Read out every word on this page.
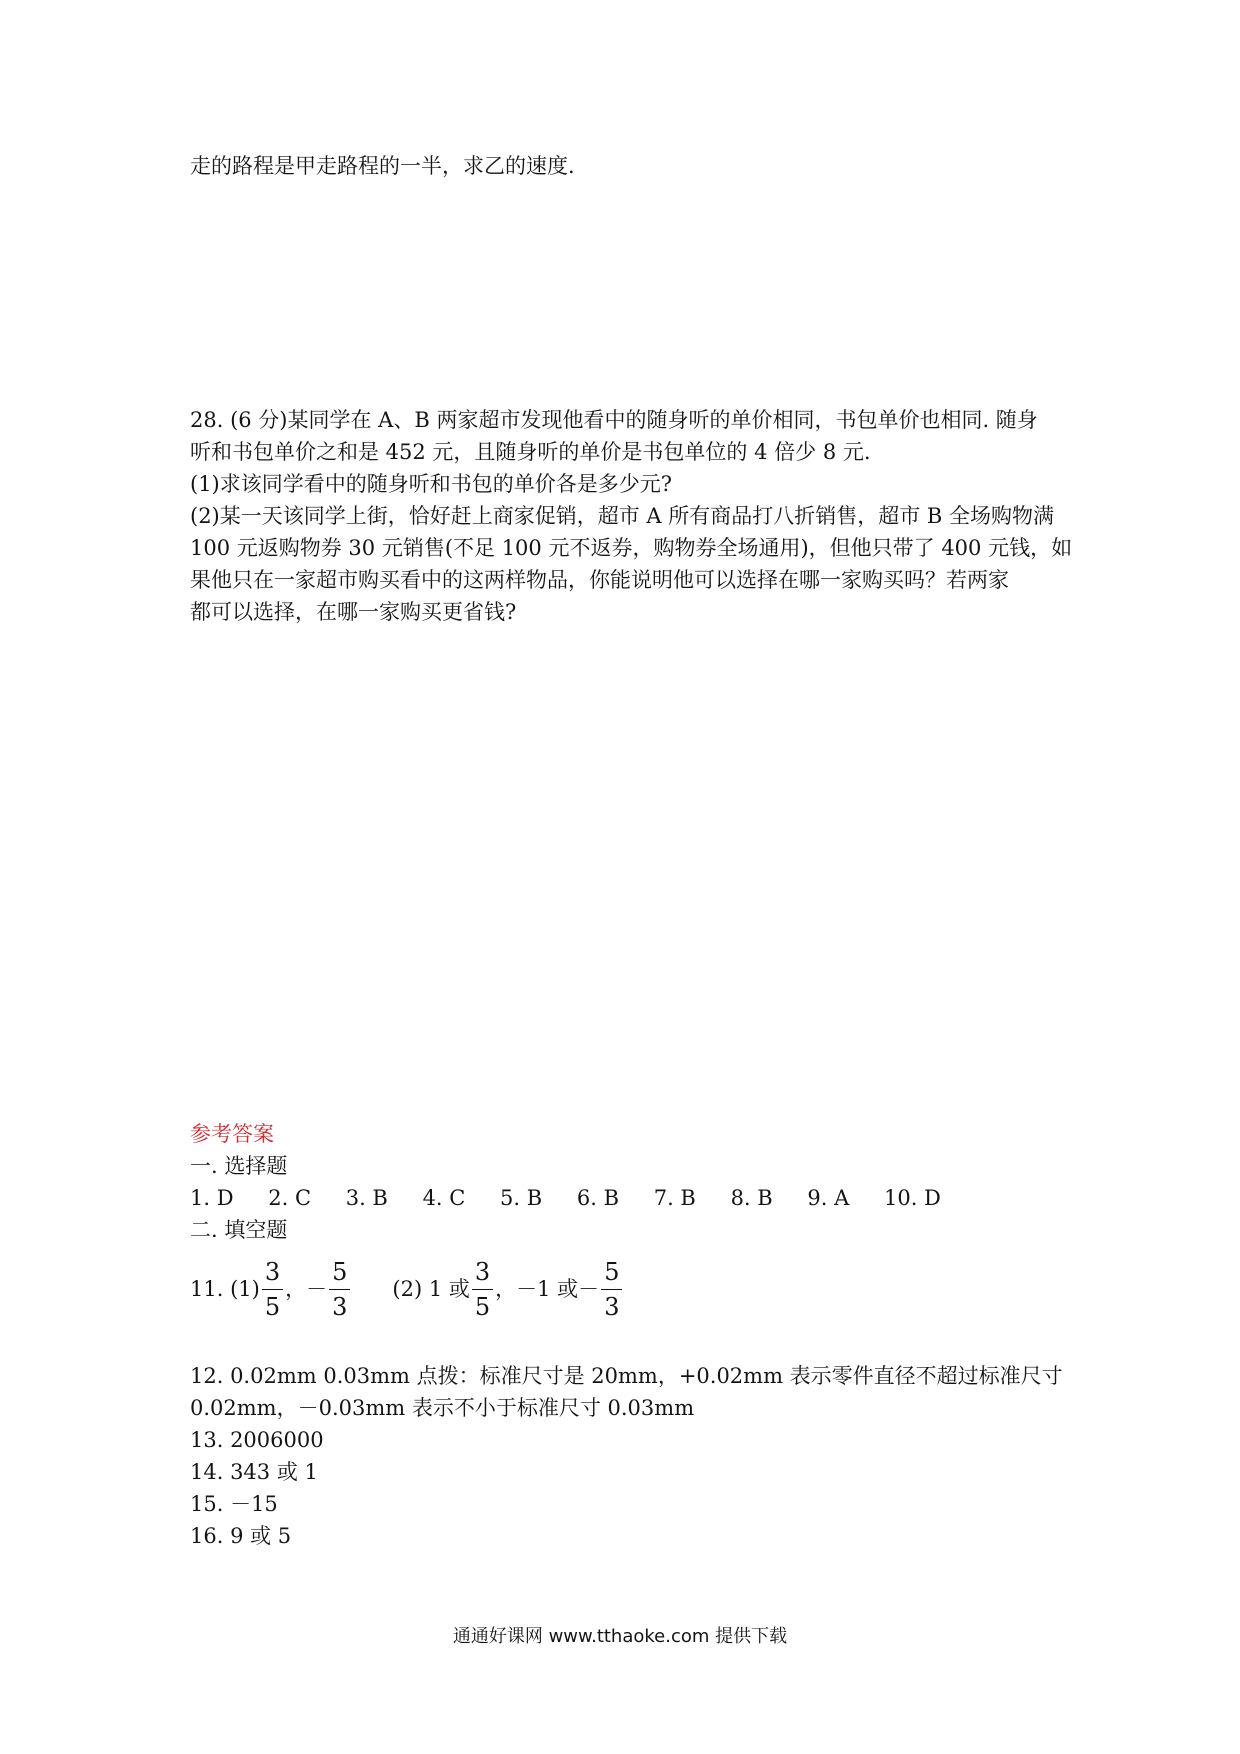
走的路程是甲走路程的一半，求乙的速度.
28. (6 分)某同学在 A、B 两家超市发现他看中的随身听的单价相同，书包单价也相同. 随身
听和书包单价之和是 452 元，且随身听的单价是书包单位的 4 倍少 8 元.
(1)求该同学看中的随身听和书包的单价各是多少元?
(2)某一天该同学上街，恰好赶上商家促销，超市 A 所有商品打八折销售，超市 B 全场购物满
100 元返购物券 30 元销售(不足 100 元不返券，购物券全场通用)，但他只带了 400 元钱，如
果他只在一家超市购买看中的这两样物品，你能说明他可以选择在哪一家购买吗？若两家
都可以选择，在哪一家购买更省钱?
参考答案
一. 选择题
1. D 2. C 3. B 4. C 5. B 6. B 7. B 8. B 9. A 10. D
二. 填空题
11. $(1) \frac{3}{5}$ ，－ $\frac{5}{3} (2)$ 1 或 $\frac{3}{5}$ ，－1 或－ $\frac{5}{3}$
12. 0.02mm 0.03mm 点拨：标准尺寸是 20mm，+0.02mm 表示零件直径不超过标准尺寸
0.02mm，－0.03mm 表示不小于标准尺寸 0.03mm
13. 2006000
14. 343 或 1
15. －15
16. 9 或 5
通通好课网 www.tthaoke.com 提供下载
